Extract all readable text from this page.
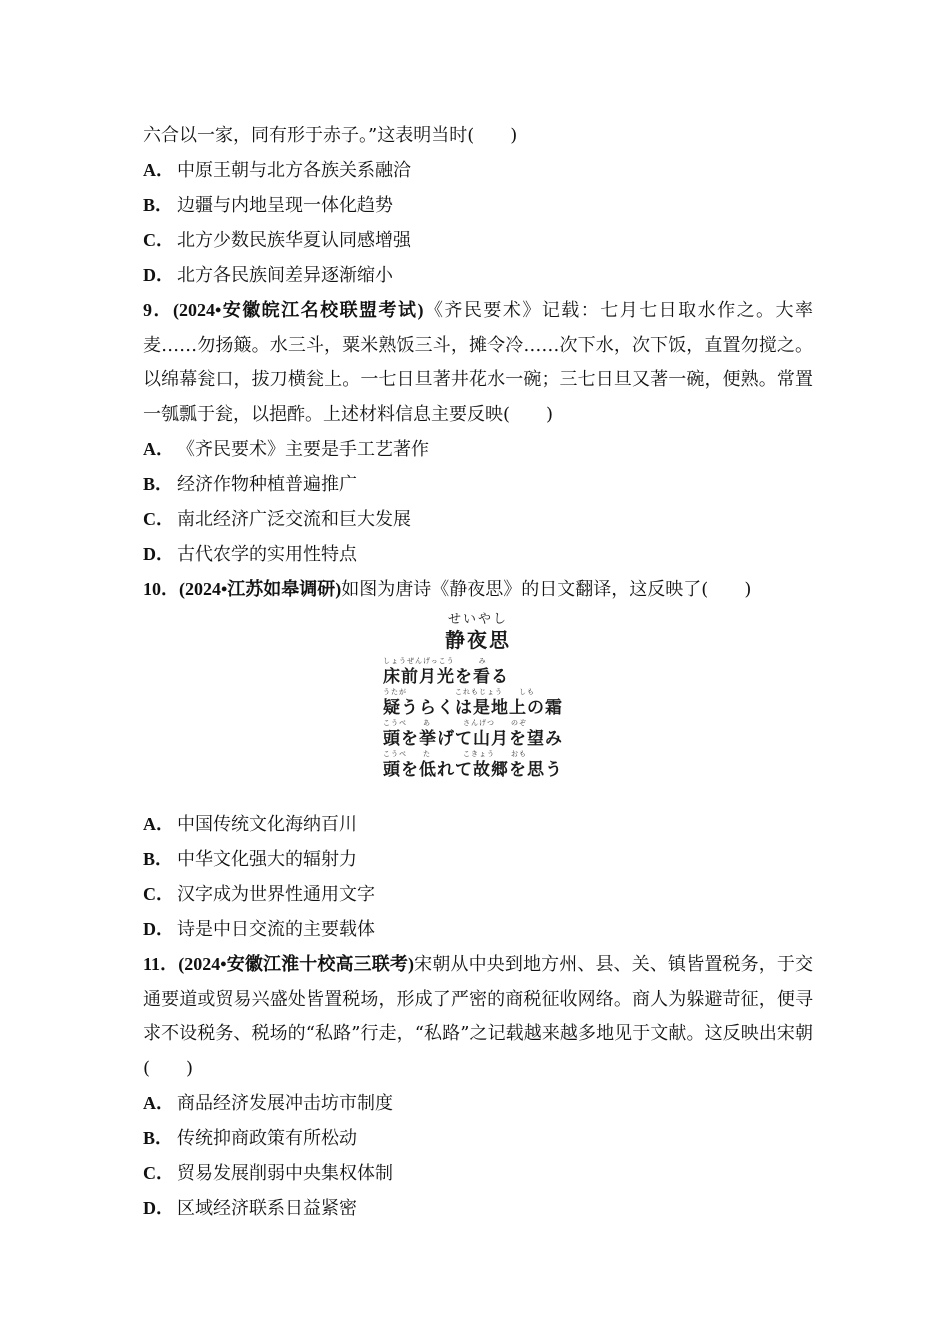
六合以一家，同有形于赤子。”这表明当时(　　)
A． 中原王朝与北方各族关系融洽
B． 边疆与内地呈现一体化趋势
C． 北方少数民族华夏认同感增强
D． 北方各民族间差异逐渐缩小
9．(2024•安徽皖江名校联盟考试)《齐民要术》记载：七月七日取水作之。大率麦……勿扬簸。水三斗，粟米熟饭三斗，摊令冷……次下水，次下饭，直置勿搅之。以绵幕瓮口，拔刀横瓮上。一七日旦著井花水一碗；三七日旦又著一碗，便熟。常置一瓠瓢于瓮，以挹酢。上述材料信息主要反映(　　)
A． 《齐民要术》主要是手工艺著作
B． 经济作物种植普遍推广
C． 南北经济广泛交流和巨大发展
D． 古代农学的实用性特点
10．(2024•江苏如皋调研)如图为唐诗《静夜思》的日文翻译，这反映了(　　)
せいやし
静夜思
しょうぜんげっこう　　　み
床前月光を看る
うたが　　　　　　これもじょう　　しも
疑うらくは是地上の霜
こうべ　　あ　　　　さんげつ　　のぞ
頭を挙げて山月を望み
こうべ　　た　　　　こきょう　　おも
頭を低れて故郷を思う
A． 中国传统文化海纳百川
B． 中华文化强大的辐射力
C． 汉字成为世界性通用文字
D． 诗是中日交流的主要载体
11．(2024•安徽江淮十校高三联考)宋朝从中央到地方州、县、关、镇皆置税务，于交通要道或贸易兴盛处皆置税场，形成了严密的商税征收网络。商人为躲避苛征，便寻求不设税务、税场的“私路”行走，“私路”之记载越来越多地见于文献。这反映出宋朝(　　)
A． 商品经济发展冲击坊市制度
B． 传统抑商政策有所松动
C． 贸易发展削弱中央集权体制
D． 区域经济联系日益紧密
